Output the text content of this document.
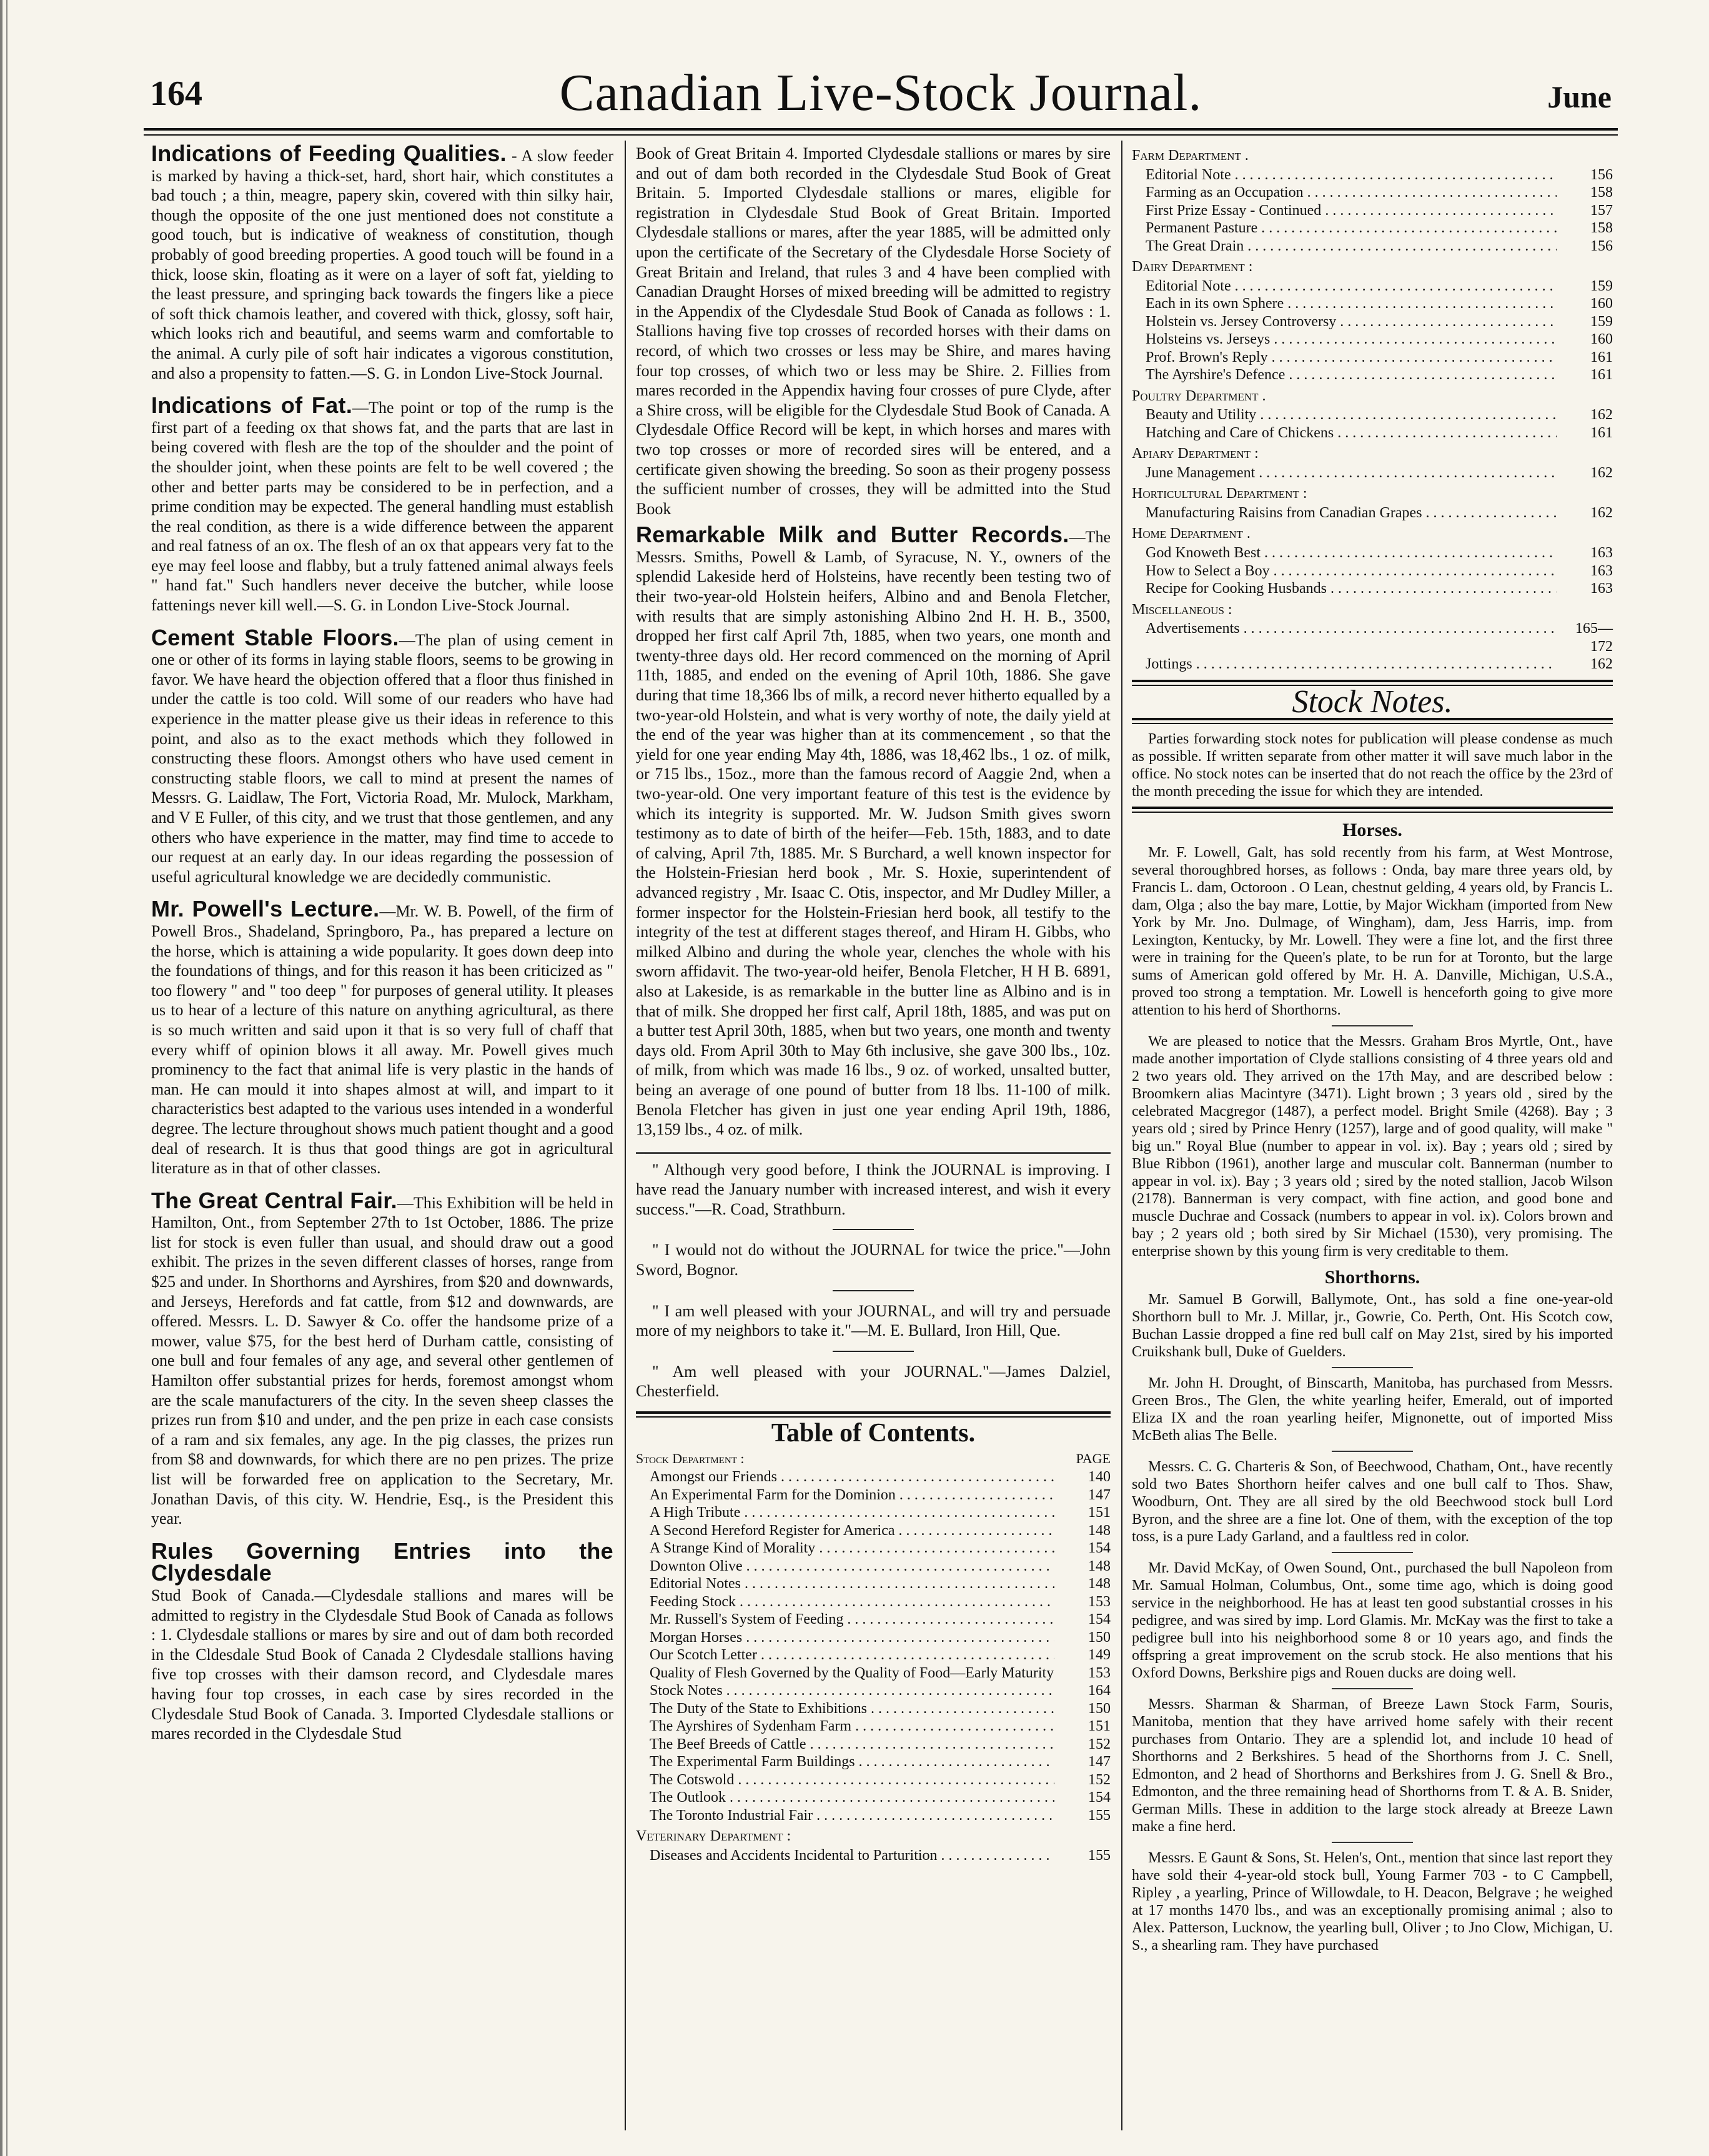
164	Canadian Live-Stock Journal.	June

Indications of Feeding Qualities. - A slow feeder is marked by having a thick-set, hard, short hair, which constitutes a bad touch ; a thin, meagre, papery skin, covered with thin silky hair, though the opposite of the one just mentioned does not constitute a good touch, but is indicative of weakness of constitution, though probably of good breeding properties. A good touch will be found in a thick, loose skin, floating as it were on a layer of soft fat, yielding to the least pressure, and springing back towards the fingers like a piece of soft thick chamois leather, and covered with thick, glossy, soft hair, which looks rich and beautiful, and seems warm and comfortable to the animal. A curly pile of soft hair indicates a vigorous constitution, and also a propensity to fatten.—S. G. in London Live-Stock Journal.

Indications of Fat.—The point or top of the rump is the first part of a feeding ox that shows fat, and the parts that are last in being covered with flesh are the top of the shoulder and the point of the shoulder joint, when these points are felt to be well covered ; the other and better parts may be considered to be in perfection, and a prime condition may be expected. The general handling must establish the real condition, as there is a wide difference between the apparent and real fatness of an ox. The flesh of an ox that appears very fat to the eye may feel loose and flabby, but a truly fattened animal always feels " hand fat." Such handlers never deceive the butcher, while loose fattenings never kill well.—S. G. in London Live-Stock Journal.

Cement Stable Floors.—The plan of using cement in one or other of its forms in laying stable floors, seems to be growing in favor. We have heard the objection offered that a floor thus finished in under the cattle is too cold. Will some of our readers who have had experience in the matter please give us their ideas in reference to this point, and also as to the exact methods which they followed in constructing these floors. Amongst others who have used cement in constructing stable floors, we call to mind at present the names of Messrs. G. Laidlaw, The Fort, Victoria Road, Mr. Mulock, Markham, and V E Fuller, of this city, and we trust that those gentlemen, and any others who have experience in the matter, may find time to accede to our request at an early day. In our ideas regarding the possession of useful agricultural knowledge we are decidedly communistic.

Mr. Powell's Lecture.—Mr. W. B. Powell, of the firm of Powell Bros., Shadeland, Springboro, Pa., has prepared a lecture on the horse, which is attaining a wide popularity. It goes down deep into the foundations of things, and for this reason it has been criticized as " too flowery " and " too deep " for purposes of general utility. It pleases us to hear of a lecture of this nature on anything agricultural, as there is so much written and said upon it that is so very full of chaff that every whiff of opinion blows it all away. Mr. Powell gives much prominency to the fact that animal life is very plastic in the hands of man. He can mould it into shapes almost at will, and impart to it characteristics best adapted to the various uses intended in a wonderful degree. The lecture throughout shows much patient thought and a good deal of research. It is thus that good things are got in agricultural literature as in that of other classes.

The Great Central Fair.—This Exhibition will be held in Hamilton, Ont., from September 27th to 1st October, 1886. The prize list for stock is even fuller than usual, and should draw out a good exhibit. The prizes in the seven different classes of horses, range from $25 and under. In Shorthorns and Ayrshires, from $20 and downwards, and Jerseys, Herefords and fat cattle, from $12 and downwards, are offered. Messrs. L. D. Sawyer & Co. offer the handsome prize of a mower, value $75, for the best herd of Durham cattle, consisting of one bull and four females of any age, and several other gentlemen of Hamilton offer substantial prizes for herds, foremost amongst whom are the scale manufacturers of the city. In the seven sheep classes the prizes run from $10 and under, and the pen prize in each case consists of a ram and six females, any age. In the pig classes, the prizes run from $8 and downwards, for which there are no pen prizes. The prize list will be forwarded free on application to the Secretary, Mr. Jonathan Davis, of this city. W. Hendrie, Esq., is the President this year.

Rules Governing Entries into the Clydesdale
Stud Book of Canada.—Clydesdale stallions and mares will be admitted to registry in the Clydesdale Stud Book of Canada as follows : 1. Clydesdale stallions or mares by sire and out of dam both recorded in the Cldesdale Stud Book of Canada 2 Clydesdale stallions having five top crosses with their damson record, and Clydesdale mares having four top crosses, in each case by sires recorded in the Clydesdale Stud Book of Canada. 3. Imported Clydesdale stallions or mares recorded in the Clydesdale Stud

Book of Great Britain 4. Imported Clydesdale stallions or mares by sire and out of dam both recorded in the Clydesdale Stud Book of Great Britain. 5. Imported Clydesdale stallions or mares, eligible for registration in Clydesdale Stud Book of Great Britain. Imported Clydesdale stallions or mares, after the year 1885, will be admitted only upon the certificate of the Secretary of the Clydesdale Horse Society of Great Britain and Ireland, that rules 3 and 4 have been complied with Canadian Draught Horses of mixed breeding will be admitted to registry in the Appendix of the Clydesdale Stud Book of Canada as follows : 1. Stallions having five top crosses of recorded horses with their dams on record, of which two crosses or less may be Shire, and mares having four top crosses, of which two or less may be Shire. 2. Fillies from mares recorded in the Appendix having four crosses of pure Clyde, after a Shire cross, will be eligible for the Clydesdale Stud Book of Canada. A Clydesdale Office Record will be kept, in which horses and mares with two top crosses or more of recorded sires will be entered, and a certificate given showing the breeding. So soon as their progeny possess the sufficient number of crosses, they will be admitted into the Stud Book

Remarkable Milk and Butter Records.—The Messrs. Smiths, Powell & Lamb, of Syracuse, N. Y., owners of the splendid Lakeside herd of Holsteins, have recently been testing two of their two-year-old Holstein heifers, Albino and and Benola Fletcher, with results that are simply astonishing Albino 2nd H. H. B., 3500, dropped her first calf April 7th, 1885, when two years, one month and twenty-three days old. Her record commenced on the morning of April 11th, 1885, and ended on the evening of April 10th, 1886. She gave during that time 18,366 lbs of milk, a record never hitherto equalled by a two-year-old Holstein, and what is very worthy of note, the daily yield at the end of the year was higher than at its commencement , so that the yield for one year ending May 4th, 1886, was 18,462 lbs., 1 oz. of milk, or 715 lbs., 15oz., more than the famous record of Aaggie 2nd, when a two-year-old. One very important feature of this test is the evidence by which its integrity is supported. Mr. W. Judson Smith gives sworn testimony as to date of birth of the heifer—Feb. 15th, 1883, and to date of calving, April 7th, 1885. Mr. S Burchard, a well known inspector for the Holstein-Friesian herd book , Mr. S. Hoxie, superintendent of advanced registry , Mr. Isaac C. Otis, inspector, and Mr Dudley Miller, a former inspector for the Holstein-Friesian herd book, all testify to the integrity of the test at different stages thereof, and Hiram H. Gibbs, who milked Albino and during the whole year, clenches the whole with his sworn affidavit. The two-year-old heifer, Benola Fletcher, H H B. 6891, also at Lakeside, is as remarkable in the butter line as Albino and is in that of milk. She dropped her first calf, April 18th, 1885, and was put on a butter test April 30th, 1885, when but two years, one month and twenty days old. From April 30th to May 6th inclusive, she gave 300 lbs., 10z. of milk, from which was made 16 lbs., 9 oz. of worked, unsalted butter, being an average of one pound of butter from 18 lbs. 11-100 of milk. Benola Fletcher has given in just one year ending April 19th, 1886, 13,159 lbs., 4 oz. of milk.

" Although very good before, I think the JOURNAL is improving. I have read the January number with increased interest, and wish it every success."—R. Coad, Strathburn.

" I would not do without the JOURNAL for twice the price."—John Sword, Bognor.

" I am well pleased with your JOURNAL, and will try and persuade more of my neighbors to take it."—M. E. Bullard, Iron Hill, Que.

" Am well pleased with your JOURNAL."—James Dalziel, Chesterfield.

Table of Contents.
Stock Department :	PAGE
Amongst our Friends . . .	140
An Experimental Farm for the Dominion . . .	147
A High Tribute . . .	151
A Second Hereford Register for America . . .	148
A Strange Kind of Morality . . .	154
Downton Olive . . .	148
Editorial Notes . . .	148
Feeding Stock . . .	153
Mr. Russell's System of Feeding . . .	154
Morgan Horses . . .	150
Our Scotch Letter . . .	149
Quality of Flesh Governed by the Quality of Food—Early Maturity . . .	153
Stock Notes . . .	164
The Duty of the State to Exhibitions . . .	150
The Ayrshires of Sydenham Farm . . .	151
The Beef Breeds of Cattle . . .	152
The Experimental Farm Buildings . . .	147
The Cotswold . . .	152
The Outlook . . .	154
The Toronto Industrial Fair . . .	155
Veterinary Department :
Diseases and Accidents Incidental to Parturition . . .	155
Farm Department .
Editorial Note . . .	156
Farming as an Occupation . . .	158
First Prize Essay - Continued . . .	157
Permanent Pasture . . .	158
The Great Drain . . .	156
Dairy Department :
Editorial Note . . .	159
Each in its own Sphere . . .	160
Holstein vs. Jersey Controversy . . .	159
Holsteins vs. Jerseys . . .	160
Prof. Brown's Reply . . .	161
The Ayrshire's Defence . . .	161
Poultry Department .
Beauty and Utility . . .	162
Hatching and Care of Chickens . . .	161
Apiary Department :
June Management . . .	162
Horticultural Department :
Manufacturing Raisins from Canadian Grapes . . .	162
Home Department .
God Knoweth Best . . .	163
How to Select a Boy . . .	163
Recipe for Cooking Husbands . . .	163
Miscellaneous :
Advertisements . . .	165—172
Jottings . . .	162
Stock Notes.

Parties forwarding stock notes for publication will please condense as much as possible. If written separate from other matter it will save much labor in the office. No stock notes can be inserted that do not reach the office by the 23rd of the month preceding the issue for which they are intended.

Horses.

Mr. F. Lowell, Galt, has sold recently from his farm, at West Montrose, several thoroughbred horses, as follows : Onda, bay mare three years old, by Francis L. dam, Octoroon . O Lean, chestnut gelding, 4 years old, by Francis L. dam, Olga ; also the bay mare, Lottie, by Major Wickham (imported from New York by Mr. Jno. Dulmage, of Wingham), dam, Jess Harris, imp. from Lexington, Kentucky, by Mr. Lowell. They were a fine lot, and the first three were in training for the Queen's plate, to be run for at Toronto, but the large sums of American gold offered by Mr. H. A. Danville, Michigan, U.S.A., proved too strong a temptation. Mr. Lowell is henceforth going to give more attention to his herd of Shorthorns.

We are pleased to notice that the Messrs. Graham Bros Myrtle, Ont., have made another importation of Clyde stallions consisting of 4 three years old and 2 two years old. They arrived on the 17th May, and are described below : Broomkern alias Macintyre (3471). Light brown ; 3 years old , sired by the celebrated Macgregor (1487), a perfect model. Bright Smile (4268). Bay ; 3 years old ; sired by Prince Henry (1257), large and of good quality, will make " big un." Royal Blue (number to appear in vol. ix). Bay ; years old ; sired by Blue Ribbon (1961), another large and muscular colt. Bannerman (number to appear in vol. ix). Bay ; 3 years old ; sired by the noted stallion, Jacob Wilson (2178). Bannerman is very compact, with fine action, and good bone and muscle Duchrae and Cossack (numbers to appear in vol. ix). Colors brown and bay ; 2 years old ; both sired by Sir Michael (1530), very promising. The enterprise shown by this young firm is very creditable to them.

Shorthorns.

Mr. Samuel B Gorwill, Ballymote, Ont., has sold a fine one-year-old Shorthorn bull to Mr. J. Millar, jr., Gowrie, Co. Perth, Ont. His Scotch cow, Buchan Lassie dropped a fine red bull calf on May 21st, sired by his imported Cruikshank bull, Duke of Guelders.

Mr. John H. Drought, of Binscarth, Manitoba, has purchased from Messrs. Green Bros., The Glen, the white yearling heifer, Emerald, out of imported Eliza IX and the roan yearling heifer, Mignonette, out of imported Miss McBeth alias The Belle.

Messrs. C. G. Charteris & Son, of Beechwood, Chatham, Ont., have recently sold two Bates Shorthorn heifer calves and one bull calf to Thos. Shaw, Woodburn, Ont. They are all sired by the old Beechwood stock bull Lord Byron, and the shree are a fine lot. One of them, with the exception of the top toss, is a pure Lady Garland, and a faultless red in color.

Mr. David McKay, of Owen Sound, Ont., purchased the bull Napoleon from Mr. Samual Holman, Columbus, Ont., some time ago, which is doing good service in the neighborhood. He has at least ten good substantial crosses in his pedigree, and was sired by imp. Lord Glamis. Mr. McKay was the first to take a pedigree bull into his neighborhood some 8 or 10 years ago, and finds the offspring a great improvement on the scrub stock. He also mentions that his Oxford Downs, Berkshire pigs and Rouen ducks are doing well.

Messrs. Sharman & Sharman, of Breeze Lawn Stock Farm, Souris, Manitoba, mention that they have arrived home safely with their recent purchases from Ontario. They are a splendid lot, and include 10 head of Shorthorns and 2 Berkshires. 5 head of the Shorthorns from J. C. Snell, Edmonton, and 2 head of Shorthorns and Berkshires from J. G. Snell & Bro., Edmonton, and the three remaining head of Shorthorns from T. & A. B. Snider, German Mills. These in addition to the large stock already at Breeze Lawn make a fine herd.

Messrs. E Gaunt & Sons, St. Helen's, Ont., mention that since last report they have sold their 4-year-old stock bull, Young Farmer 703 - to C Campbell, Ripley , a yearling, Prince of Willowdale, to H. Deacon, Belgrave ; he weighed at 17 months 1470 lbs., and was an exceptionally promising animal ; also to Alex. Patterson, Lucknow, the yearling bull, Oliver ; to Jno Clow, Michigan, U. S., a shearling ram. They have purchased
